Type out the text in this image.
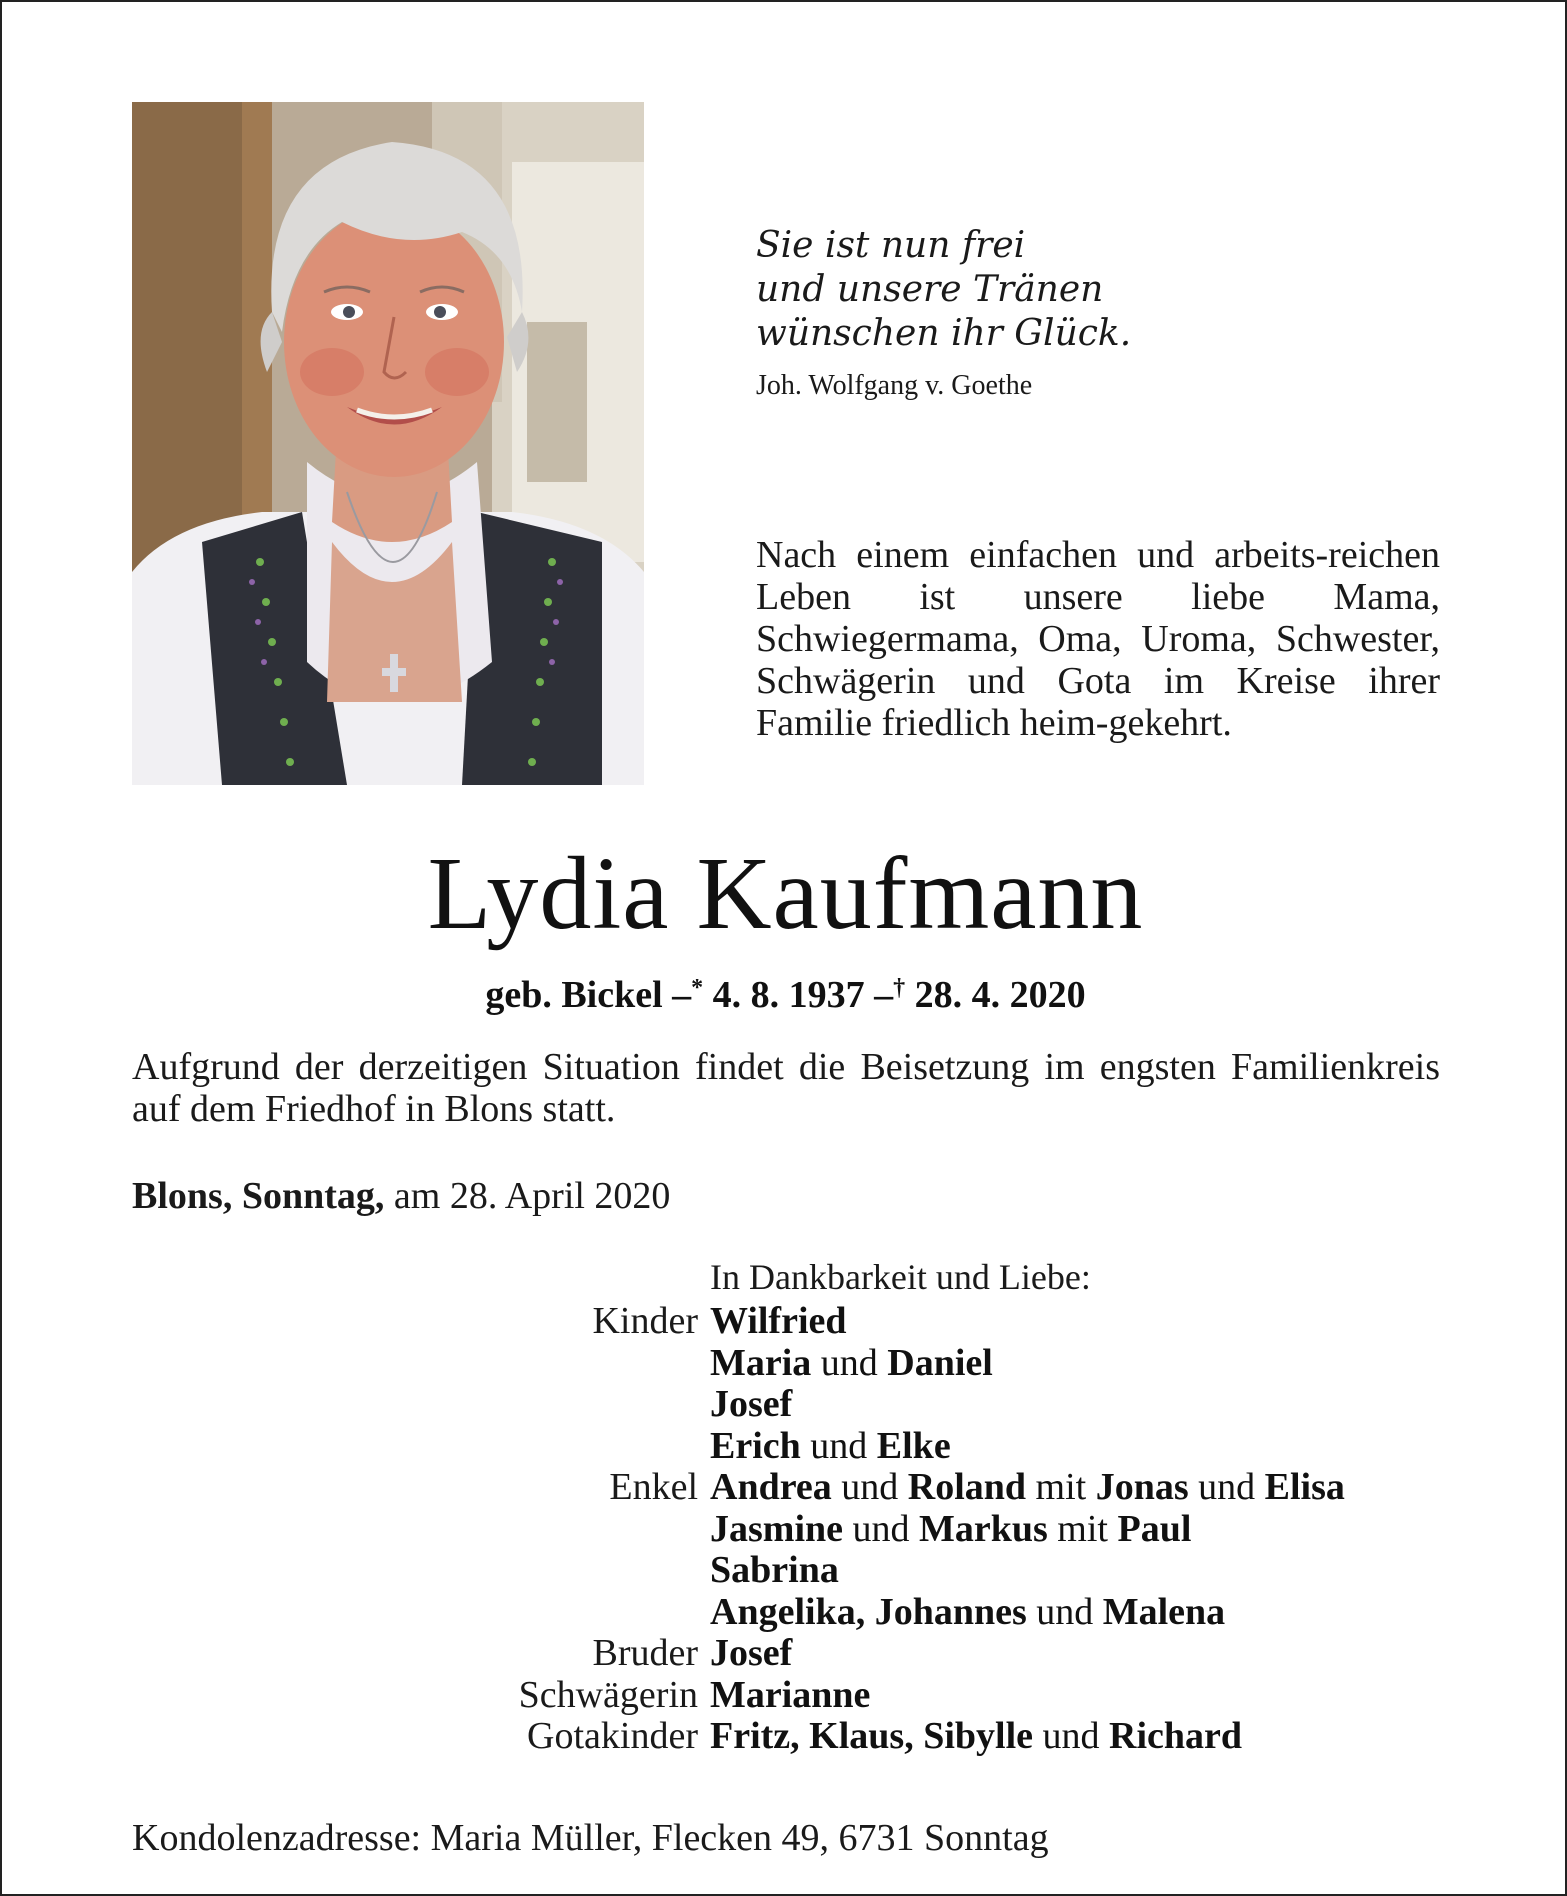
Sie ist nun frei
und unsere Tränen
wünschen ihr Glück.
Joh. Wolfgang v. Goethe
Nach einem einfachen und arbeits-reichen Leben ist unsere liebe Mama, Schwiegermama, Oma, Uroma, Schwester, Schwägerin und Gota im Kreise ihrer Familie friedlich heim-gekehrt.
Lydia Kaufmann
geb. Bickel –* 4. 8. 1937 –† 28. 4. 2020
Aufgrund der derzeitigen Situation findet die Beisetzung im engsten Familienkreis auf dem Friedhof in Blons statt.
Blons, Sonntag, am 28. April 2020
In Dankbarkeit und Liebe:
Kinder Wilfried
Maria und Daniel
Josef
Erich und Elke
Enkel Andrea und Roland mit Jonas und Elisa
Jasmine und Markus mit Paul
Sabrina
Angelika, Johannes und Malena
Bruder Josef
Schwägerin Marianne
Gotakinder Fritz, Klaus, Sibylle und Richard
Kondolenzadresse: Maria Müller, Flecken 49, 6731 Sonntag
